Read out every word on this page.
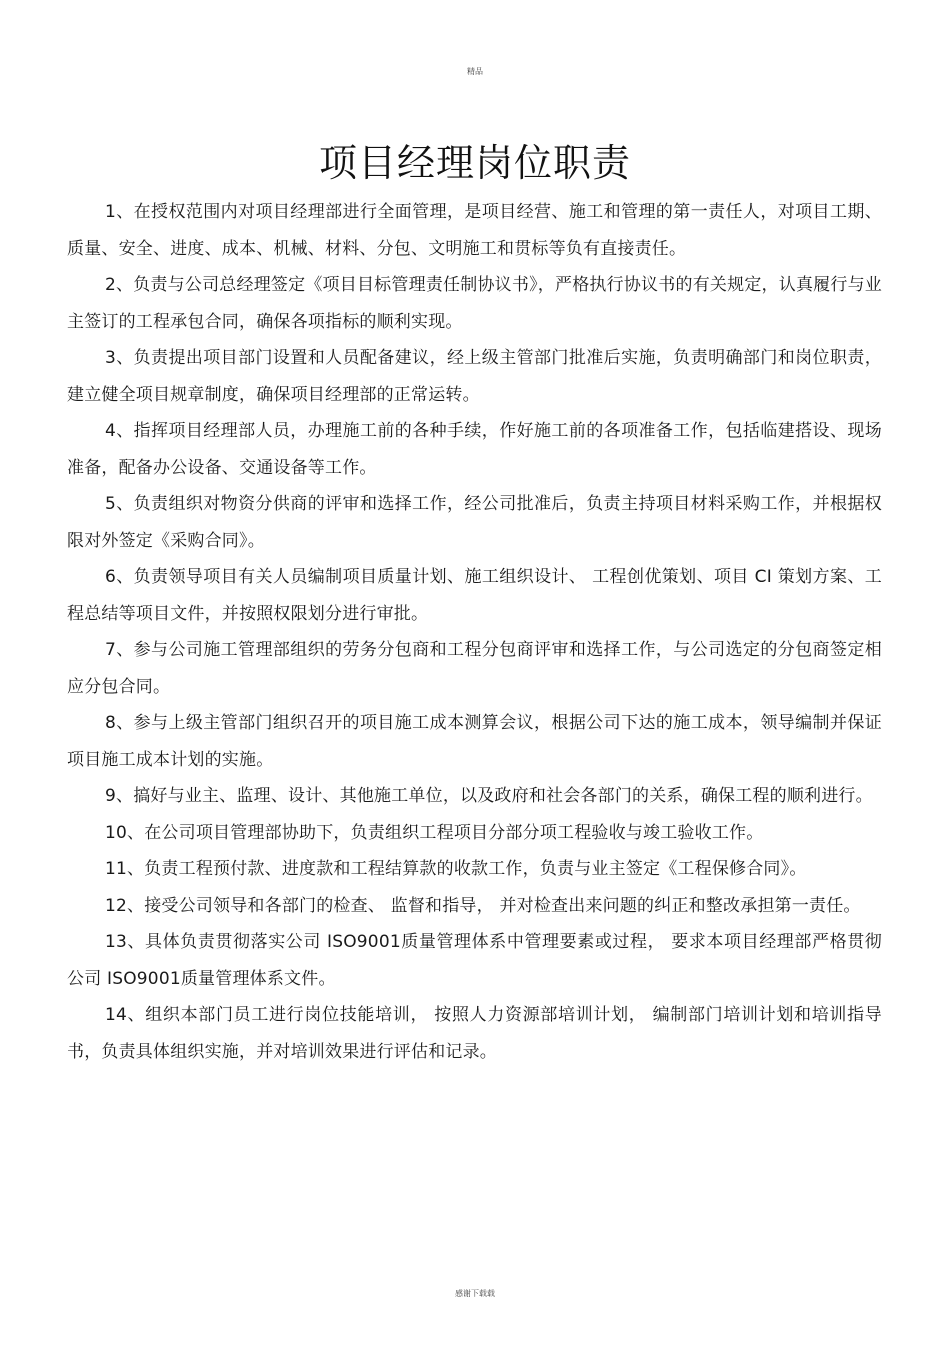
精品
项目经理岗位职责

1、在授权范围内对项目经理部进行全面管理，是项目经营、施工和管理的第一责任人，对项目工期、质量、安全、进度、成本、机械、材料、分包、文明施工和贯标等负有直接责任。

2、负责与公司总经理签定《项目目标管理责任制协议书》，严格执行协议书的有关规定，认真履行与业主签订的工程承包合同，确保各项指标的顺利实现。

3、负责提出项目部门设置和人员配备建议，经上级主管部门批准后实施，负责明确部门和岗位职责，建立健全项目规章制度，确保项目经理部的正常运转。

4、指挥项目经理部人员，办理施工前的各种手续，作好施工前的各项准备工作，包括临建搭设、现场准备，配备办公设备、交通设备等工作。

5、负责组织对物资分供商的评审和选择工作，经公司批准后，负责主持项目材料采购工作，并根据权限对外签定《采购合同》。

6、负责领导项目有关人员编制项目质量计划、施工组织设计、 工程创优策划、项目 CI 策划方案、工程总结等项目文件，并按照权限划分进行审批。

7、参与公司施工管理部组织的劳务分包商和工程分包商评审和选择工作，与公司选定的分包商签定相应分包合同。

8、参与上级主管部门组织召开的项目施工成本测算会议，根据公司下达的施工成本，领导编制并保证项目施工成本计划的实施。

9、搞好与业主、监理、设计、其他施工单位，以及政府和社会各部门的关系，确保工程的顺利进行。

10、在公司项目管理部协助下，负责组织工程项目分部分项工程验收与竣工验收工作。

11、负责工程预付款、进度款和工程结算款的收款工作，负责与业主签定《工程保修合同》。

12、接受公司领导和各部门的检查、 监督和指导， 并对检查出来问题的纠正和整改承担第一责任。

13、具体负责贯彻落实公司 ISO9001质量管理体系中管理要素或过程， 要求本项目经理部严格贯彻公司 ISO9001质量管理体系文件。

14、组织本部门员工进行岗位技能培训， 按照人力资源部培训计划， 编制部门培训计划和培训指导书，负责具体组织实施，并对培训效果进行评估和记录。

感谢下载载
